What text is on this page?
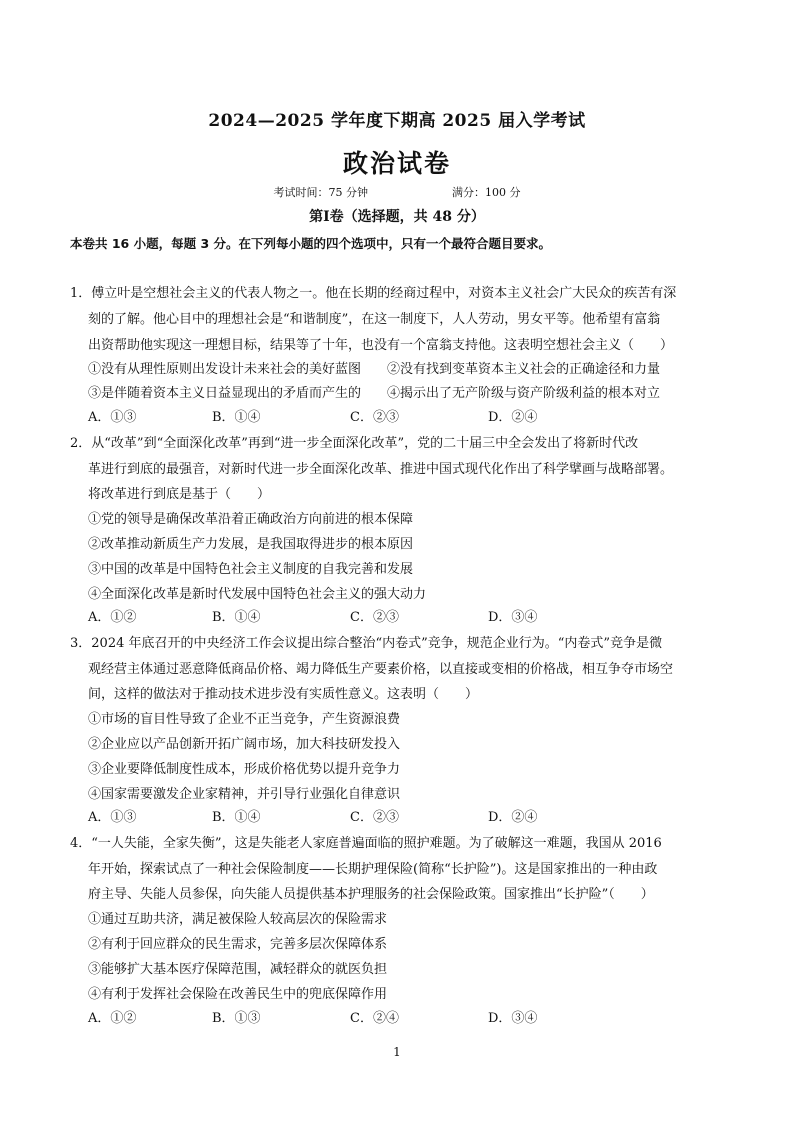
2024—2025 学年度下期高 2025 届入学考试
政治试卷
考试时间：75 分钟	满分：100 分
第Ⅰ卷（选择题，共 48 分）
本卷共 16 小题，每题 3 分。在下列每小题的四个选项中，只有一个最符合题目要求。
1．傅立叶是空想社会主义的代表人物之一。他在长期的经商过程中，对资本主义社会广大民众的疾苦有深
刻的了解。他心目中的理想社会是“和谐制度”，在这一制度下，人人劳动，男女平等。他希望有富翁
出资帮助他实现这一理想目标，结果等了十年，也没有一个富翁支持他。这表明空想社会主义（　　）
①没有从理性原则出发设计未来社会的美好蓝图　　②没有找到变革资本主义社会的正确途径和力量
③是伴随着资本主义日益显现出的矛盾而产生的　　④揭示出了无产阶级与资产阶级利益的根本对立
A．①③	B．①④	C．②③	D．②④
2．从“改革”到“全面深化改革”再到“进一步全面深化改革”，党的二十届三中全会发出了将新时代改
革进行到底的最强音，对新时代进一步全面深化改革、推进中国式现代化作出了科学擘画与战略部署。
将改革进行到底是基于（　　）
①党的领导是确保改革沿着正确政治方向前进的根本保障
②改革推动新质生产力发展，是我国取得进步的根本原因
③中国的改革是中国特色社会主义制度的自我完善和发展
④全面深化改革是新时代发展中国特色社会主义的强大动力
A．①②	B．①④	C．②③	D．③④
3．2024 年底召开的中央经济工作会议提出综合整治“内卷式”竞争，规范企业行为。“内卷式”竞争是微
观经营主体通过恶意降低商品价格、竭力降低生产要素价格，以直接或变相的价格战，相互争夺市场空
间，这样的做法对于推动技术进步没有实质性意义。这表明（　　）
①市场的盲目性导致了企业不正当竞争，产生资源浪费
②企业应以产品创新开拓广阔市场，加大科技研发投入
③企业要降低制度性成本，形成价格优势以提升竞争力
④国家需要激发企业家精神，并引导行业强化自律意识
A．①③	B．①④	C．②③	D．②④
4．“一人失能，全家失衡”，这是失能老人家庭普遍面临的照护难题。为了破解这一难题，我国从 2016
年开始，探索试点了一种社会保险制度——长期护理保险(简称“长护险”)。这是国家推出的一种由政
府主导、失能人员参保，向失能人员提供基本护理服务的社会保险政策。国家推出“长护险”（　　）
①通过互助共济，满足被保险人较高层次的保险需求
②有利于回应群众的民生需求，完善多层次保障体系
③能够扩大基本医疗保障范围，减轻群众的就医负担
④有利于发挥社会保险在改善民生中的兜底保障作用
A．①②	B．①③	C．②④	D．③④
1
